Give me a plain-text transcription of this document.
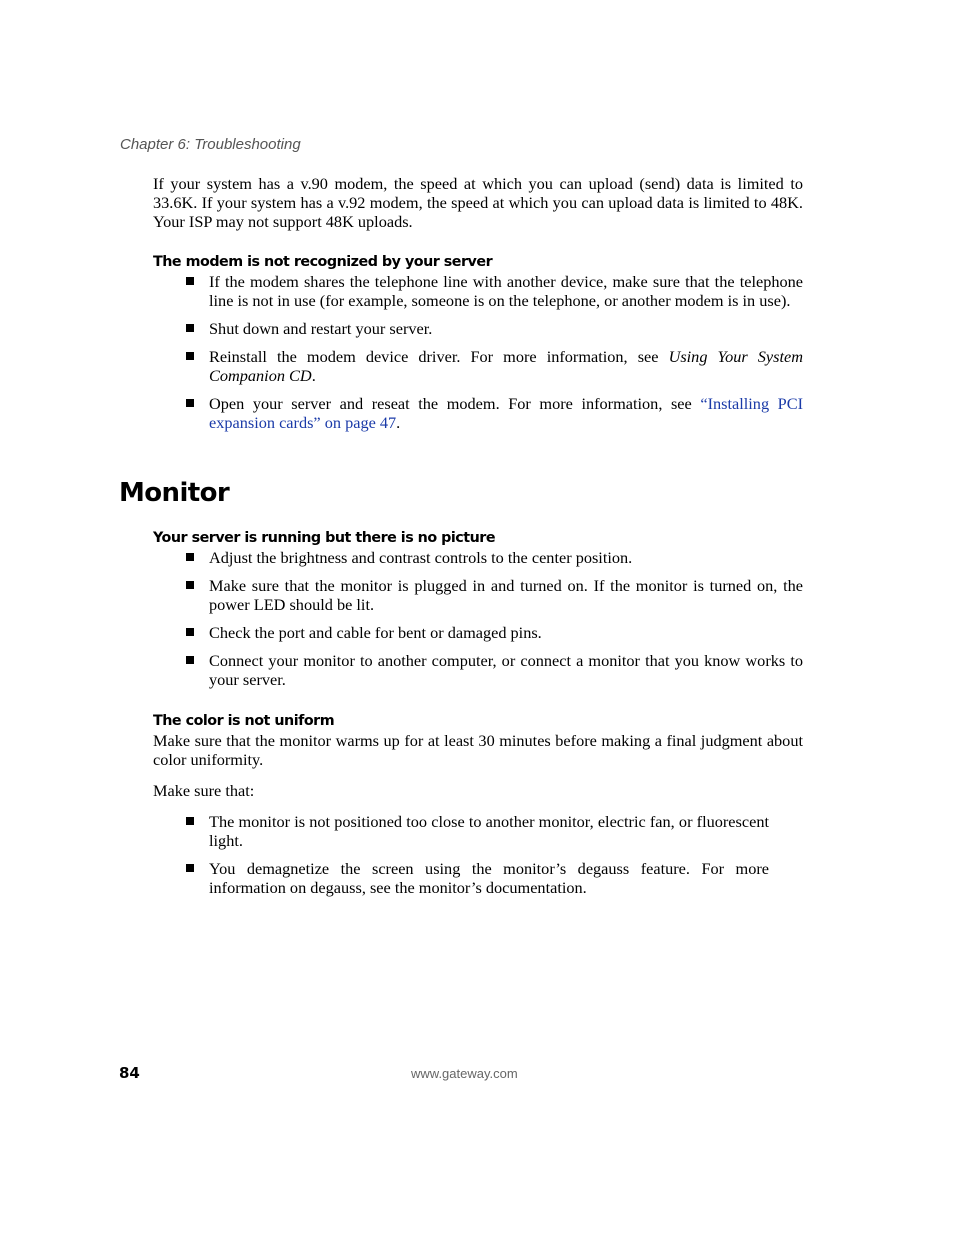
Chapter 6: Troubleshooting

If your system has a v.90 modem, the speed at which you can upload (send) data is limited to 33.6K. If your system has a v.92 modem, the speed at which you can upload data is limited to 48K. Your ISP may not support 48K uploads.

The modem is not recognized by your server
If the modem shares the telephone line with another device, make sure that the telephone line is not in use (for example, someone is on the telephone, or another modem is in use).
Shut down and restart your server.
Reinstall the modem device driver. For more information, see Using Your System Companion CD.
Open your server and reseat the modem. For more information, see “Installing PCI expansion cards” on page 47.
Monitor
Your server is running but there is no picture
Adjust the brightness and contrast controls to the center position.
Make sure that the monitor is plugged in and turned on. If the monitor is turned on, the power LED should be lit.
Check the port and cable for bent or damaged pins.
Connect your monitor to another computer, or connect a monitor that you know works to your server.
The color is not uniform

Make sure that the monitor warms up for at least 30 minutes before making a final judgment about color uniformity.

Make sure that:

The monitor is not positioned too close to another monitor, electric fan, or fluorescent light.
You demagnetize the screen using the monitor’s degauss feature. For more information on degauss, see the monitor’s documentation.

84	www.gateway.com
